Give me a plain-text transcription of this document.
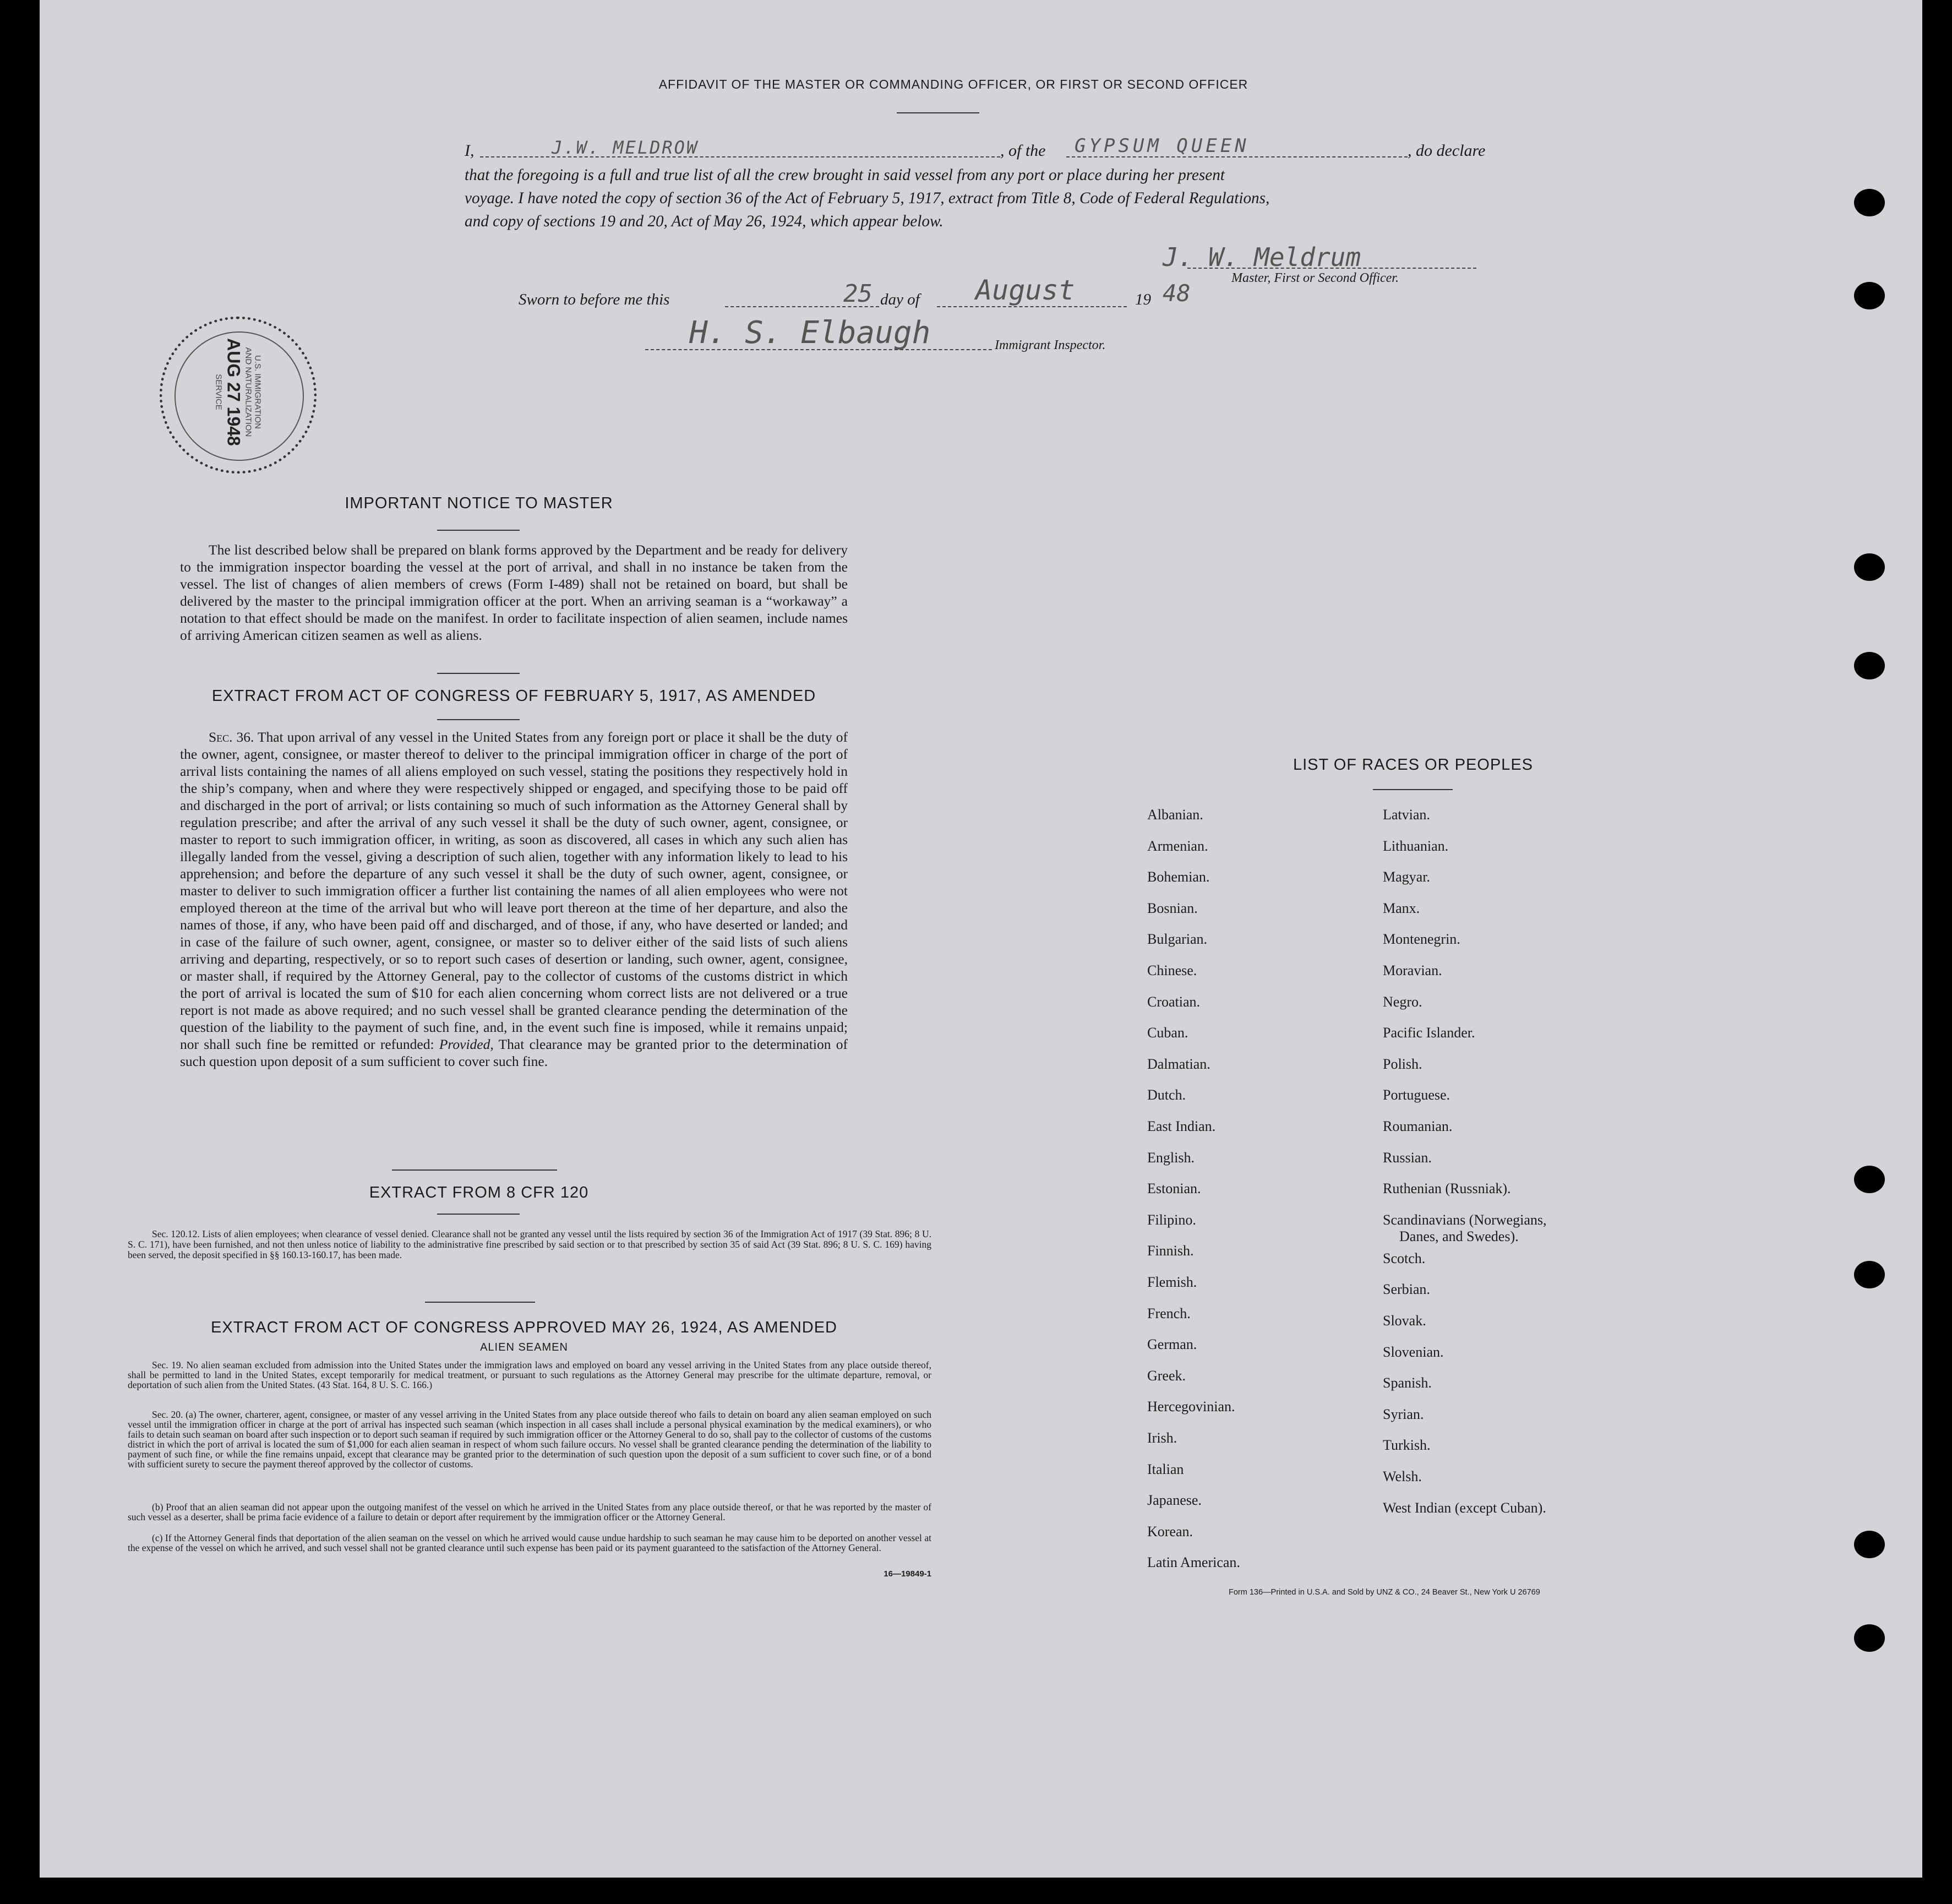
AFFIDAVIT OF THE MASTER OR COMMANDING OFFICER, OR FIRST OR SECOND OFFICER
I,	J.W. MELDROW	, of the GYPSUM QUEEN	, do declare
that the foregoing is a full and true list of all the crew brought in said vessel from any port or place during her present
voyage. I have noted the copy of section 36 of the Act of February 5, 1917, extract from Title 8, Code of Federal Regulations,
and copy of sections 19 and 20, Act of May 26, 1924, which appear below.
J. W. Meldrum
Master, First or Second Officer.
Sworn to before me this	25 day of August	19 48
H. S. Elbaugh	Immigrant Inspector.
U.S. IMMIGRATION
AND NATURALIZATION
AUG 27 1948
SERVICE
IMPORTANT NOTICE TO MASTER
The list described below shall be prepared on blank forms approved by the Department and be ready for delivery to the immigration inspector boarding the vessel at the port of arrival, and shall in no instance be taken from the vessel. The list of changes of alien members of crews (Form I-489) shall not be retained on board, but shall be delivered by the master to the principal immigration officer at the port. When an arriving seaman is a “workaway” a notation to that effect should be made on the manifest. In order to facilitate inspection of alien seamen, include names of arriving American citizen seamen as well as aliens.
EXTRACT FROM ACT OF CONGRESS OF FEBRUARY 5, 1917, AS AMENDED
Sec. 36. That upon arrival of any vessel in the United States from any foreign port or place it shall be the duty of the owner, agent, consignee, or master thereof to deliver to the principal immigration officer in charge of the port of arrival lists containing the names of all aliens employed on such vessel, stating the positions they respectively hold in the ship’s company, when and where they were respectively shipped or engaged, and specifying those to be paid off and discharged in the port of arrival; or lists containing so much of such information as the Attorney General shall by regulation prescribe; and after the arrival of any such vessel it shall be the duty of such owner, agent, consignee, or master to report to such immigration officer, in writing, as soon as discovered, all cases in which any such alien has illegally landed from the vessel, giving a description of such alien, together with any information likely to lead to his apprehension; and before the departure of any such vessel it shall be the duty of such owner, agent, consignee, or master to deliver to such immigration officer a further list containing the names of all alien employees who were not employed thereon at the time of the arrival but who will leave port thereon at the time of her departure, and also the names of those, if any, who have been paid off and discharged, and of those, if any, who have deserted or landed; and in case of the failure of such owner, agent, consignee, or master so to deliver either of the said lists of such aliens arriving and departing, respectively, or so to report such cases of desertion or landing, such owner, agent, consignee, or master shall, if required by the Attorney General, pay to the collector of customs of the customs district in which the port of arrival is located the sum of $10 for each alien concerning whom correct lists are not delivered or a true report is not made as above required; and no such vessel shall be granted clearance pending the determination of the question of the liability to the payment of such fine, and, in the event such fine is imposed, while it remains unpaid; nor shall such fine be remitted or refunded: Provided, That clearance may be granted prior to the determination of such question upon deposit of a sum sufficient to cover such fine.
EXTRACT FROM 8 CFR 120
Sec. 120.12. Lists of alien employees; when clearance of vessel denied. Clearance shall not be granted any vessel until the lists required by section 36 of the Immigration Act of 1917 (39 Stat. 896; 8 U. S. C. 171), have been furnished, and not then unless notice of liability to the administrative fine prescribed by said section or to that prescribed by section 35 of said Act (39 Stat. 896; 8 U. S. C. 169) having been served, the deposit specified in §§ 160.13-160.17, has been made.
EXTRACT FROM ACT OF CONGRESS APPROVED MAY 26, 1924, AS AMENDED
ALIEN SEAMEN
Sec. 19. No alien seaman excluded from admission into the United States under the immigration laws and employed on board any vessel arriving in the United States from any place outside thereof, shall be permitted to land in the United States, except temporarily for medical treatment, or pursuant to such regulations as the Attorney General may prescribe for the ultimate departure, removal, or deportation of such alien from the United States. (43 Stat. 164, 8 U. S. C. 166.)
Sec. 20. (a) The owner, charterer, agent, consignee, or master of any vessel arriving in the United States from any place outside thereof who fails to detain on board any alien seaman employed on such vessel until the immigration officer in charge at the port of arrival has inspected such seaman (which inspection in all cases shall include a personal physical examination by the medical examiners), or who fails to detain such seaman on board after such inspection or to deport such seaman if required by such immigration officer or the Attorney General to do so, shall pay to the collector of customs of the customs district in which the port of arrival is located the sum of $1,000 for each alien seaman in respect of whom such failure occurs. No vessel shall be granted clearance pending the determination of the liability to payment of such fine, or while the fine remains unpaid, except that clearance may be granted prior to the determination of such question upon the deposit of a sum sufficient to cover such fine, or of a bond with sufficient surety to secure the payment thereof approved by the collector of customs.
(b) Proof that an alien seaman did not appear upon the outgoing manifest of the vessel on which he arrived in the United States from any place outside thereof, or that he was reported by the master of such vessel as a deserter, shall be prima facie evidence of a failure to detain or deport after requirement by the immigration officer or the Attorney General.
(c) If the Attorney General finds that deportation of the alien seaman on the vessel on which he arrived would cause undue hardship to such seaman he may cause him to be deported on another vessel at the expense of the vessel on which he arrived, and such vessel shall not be granted clearance until such expense has been paid or its payment guaranteed to the satisfaction of the Attorney General.
16—19849-1
LIST OF RACES OR PEOPLES
Form 136—Printed in U.S.A. and Sold by UNZ & CO., 24 Beaver St., New York U 26769
Albanian.
Armenian.
Bohemian.
Bosnian.
Bulgarian.
Chinese.
Croatian.
Cuban.
Dalmatian.
Dutch.
East Indian.
English.
Estonian.
Filipino.
Finnish.
Flemish.
French.
German.
Greek.
Hercegovinian.
Irish.
Italian
Japanese.
Korean.
Latin American.
Latvian.
Lithuanian.
Magyar.
Manx.
Montenegrin.
Moravian.
Negro.
Pacific Islander.
Polish.
Portuguese.
Roumanian.
Russian.
Ruthenian (Russniak).
Scandinavians (Norwegians,
Danes, and Swedes).
Scotch.
Serbian.
Slovak.
Slovenian.
Spanish.
Syrian.
Turkish.
Welsh.
West Indian (except Cuban).
